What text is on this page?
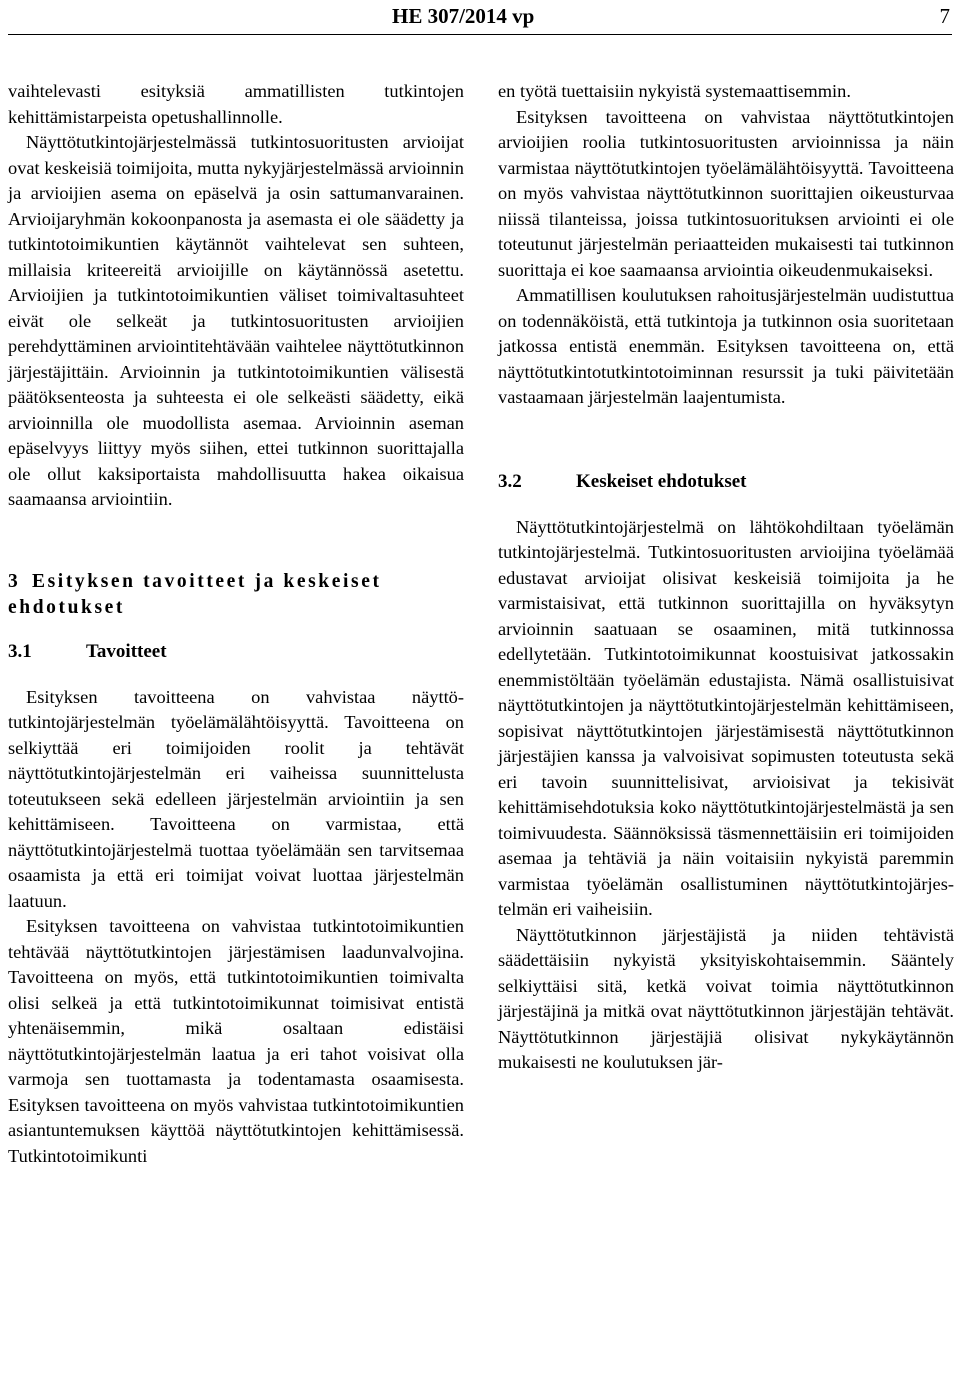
HE 307/2014 vp	7

vaihtelevasti esityksiä ammatillisten tutkintojen kehittämistarpeista opetushallinnolle.

Näyttötutkintojärjestelmässä tutkintosuoritusten arvioijat ovat keskeisiä toimijoita, mutta nykyjärjestelmässä arvioinnin ja arvioijien asema on epäselvä ja osin sattumanvarainen. Arvioijaryhmän kokoonpanosta ja asemasta ei ole säädetty ja tutkintotoimikuntien käytännöt vaihtelevat sen suhteen, millaisia kriteereitä arvioijille on käytännössä asetettu. Arvioijien ja tutkintotoimikuntien väliset toimivaltasuhteet eivät ole selkeät ja tutkintosuoritusten arvioijien perehdyttäminen arviointitehtävään vaihtelee näyttötutkinnon järjestäjittäin. Arvioinnin ja tutkintotoimikuntien välisestä päätöksenteosta ja suhteesta ei ole selkeästi säädetty, eikä arvioinnilla ole muodollista asemaa. Arvioinnin aseman epäselvyys liittyy myös siihen, ettei tutkinnon suorittajalla ole ollut kaksiportaista mahdollisuutta hakea oikaisua saamaansa arviointiin.

3 Esityksen tavoitteet ja keskeiset ehdotukset
3.1	Tavoitteet

Esityksen tavoitteena on vahvistaa näyttötutkintojärjestelmän työelämälähtöisyyttä. Tavoitteena on selkiyttää eri toimijoiden roolit ja tehtävät näyttötutkintojärjestelmän eri vaiheissa suunnittelusta toteutukseen sekä edelleen järjestelmän arviointiin ja sen kehittämiseen. Tavoitteena on varmistaa, että näyttötutkintojärjestelmä tuottaa työelämään sen tarvitsemaa osaamista ja että eri toimijat voivat luottaa järjestelmän laatuun.

Esityksen tavoitteena on vahvistaa tutkintotoimikuntien tehtävää näyttötutkintojen järjestämisen laadunvalvojina. Tavoitteena on myös, että tutkintotoimikuntien toimivalta olisi selkeä ja että tutkintotoimikunnat toimisivat entistä yhtenäisemmin, mikä osaltaan edistäisi näyttötutkintojärjestelmän laatua ja eri tahot voisivat olla varmoja sen tuottamasta ja todentamasta osaamisesta. Esityksen tavoitteena on myös vahvistaa tutkintotoimikuntien asiantuntemuksen käyttöä näyttötutkintojen kehittämisessä. Tutkintotoimikunti

en työtä tuettaisiin nykyistä systemaattisemmin.

Esityksen tavoitteena on vahvistaa näyttötutkintojen arvioijien roolia tutkintosuoritusten arvioinnissa ja näin varmistaa näyttötutkintojen työelämälähtöisyyttä. Tavoitteena on myös vahvistaa näyttötutkinnon suorittajien oikeusturvaa niissä tilanteissa, joissa tutkintosuorituksen arviointi ei ole toteutunut järjestelmän periaatteiden mukaisesti tai tutkinnon suorittaja ei koe saamaansa arviointia oikeudenmukaiseksi.

Ammatillisen koulutuksen rahoitusjärjestelmän uudistuttua on todennäköistä, että tutkintoja ja tutkinnon osia suoritetaan jatkossa entistä enemmän. Esityksen tavoitteena on, että näyttötutkintotutkintotoiminnan resurssit ja tuki päivitetään vastaamaan järjestelmän laajentumista.

3.2	Keskeiset ehdotukset

Näyttötutkintojärjestelmä on lähtökohdiltaan työelämän tutkintojärjestelmä. Tutkintosuoritusten arvioijina työelämää edustavat arvioijat olisivat keskeisiä toimijoita ja he varmistaisivat, että tutkinnon suorittajilla on hyväksytyn arvioinnin saatuaan se osaaminen, mitä tutkinnossa edellytetään. Tutkintotoimikunnat koostuisivat jatkossakin enemmistöltään työelämän edustajista. Nämä osallistuisivat näyttötutkintojen ja näyttötutkintojärjestelmän kehittämiseen, sopisivat näyttötutkintojen järjestämisestä näyttötutkinnon järjestäjien kanssa ja valvoisivat sopimusten toteutusta sekä eri tavoin suunnittelisivat, arvioisivat ja tekisivät kehittämisehdotuksia koko näyttötutkintojärjestelmästä ja sen toimivuudesta. Säännöksissä täsmennettäisiin eri toimijoiden asemaa ja tehtäviä ja näin voitaisiin nykyistä paremmin varmistaa työelämän osallistuminen näyttötutkintojärjestelmän eri vaiheisiin.

Näyttötutkinnon järjestäjistä ja niiden tehtävistä säädettäisiin nykyistä yksityiskohtaisemmin. Sääntely selkiyttäisi sitä, ketkä voivat toimia näyttötutkinnon järjestäjinä ja mitkä ovat näyttötutkinnon järjestäjän tehtävät. Näyttötutkinnon järjestäjiä olisivat nykykäytännön mukaisesti ne koulutuksen jär-
